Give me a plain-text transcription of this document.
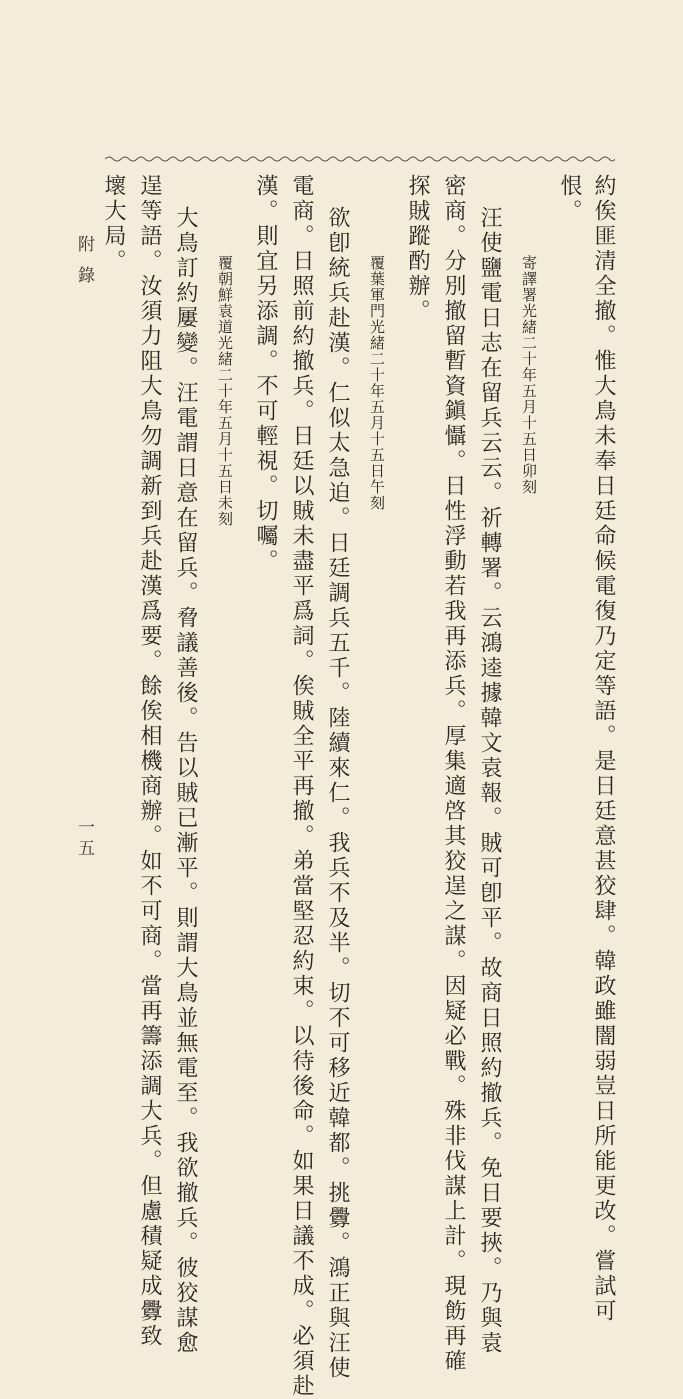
約俟匪清全撤。惟大鳥未奉日廷命候電復乃定等語。是日廷意甚狡肆。韓政雖闇弱豈日所能更改。嘗試可
恨。
寄譯署光緒二十年五月十五日卯刻
汪使鹽電日志在留兵云云。祈轉署。云鴻逵據韓文袁報。賊可卽平。故商日照約撤兵。免日要挾。乃與袁
密商。分別撤留暫資鎭懾。日性浮動若我再添兵。厚集適啓其狡逞之謀。因疑必戰。殊非伐謀上計。現飭再確
探賊蹤酌辦。
覆葉軍門光緒二十年五月十五日午刻
欲卽統兵赴漢。仁似太急迫。日廷調兵五千。陸續來仁。我兵不及半。切不可移近韓都。挑釁。鴻正與汪使
電商。日照前約撤兵。日廷以賊未盡平爲詞。俟賊全平再撤。弟當堅忍約束。以待後命。如果日議不成。必須赴
漢。則宜另添調。不可輕視。切囑。
覆朝鮮袁道光緒二十年五月十五日未刻
大鳥訂約屢變。汪電謂日意在留兵。脅議善後。告以賊已漸平。則謂大鳥並無電至。我欲撤兵。彼狡謀愈
逞等語。汝須力阻大鳥勿調新到兵赴漢爲要。餘俟相機商辦。如不可商。當再籌添調大兵。但慮積疑成釁致
壞大局。
附錄
一五
